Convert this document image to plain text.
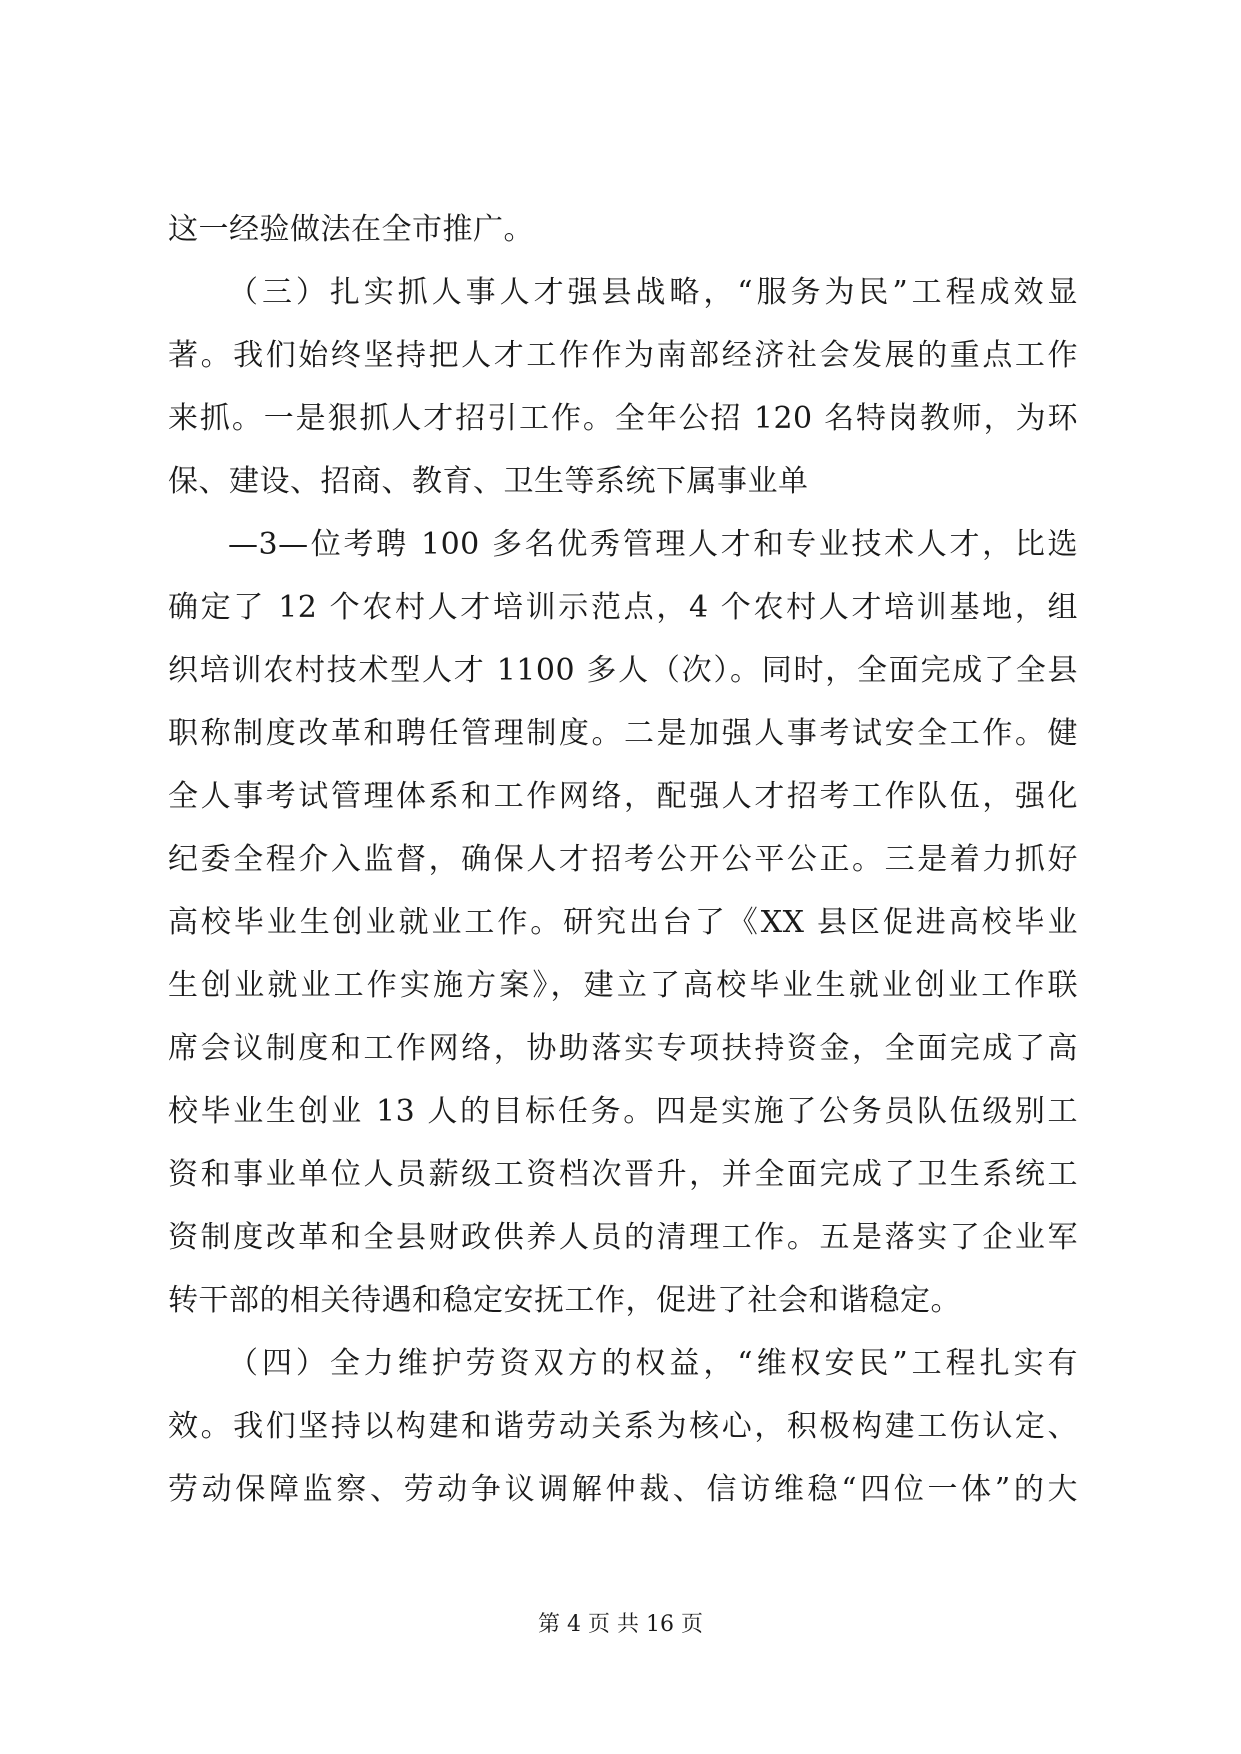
这一经验做法在全市推广。
（三）扎实抓人事人才强县战略，“服务为民”工程成效显
著。我们始终坚持把人才工作作为南部经济社会发展的重点工作
来抓。一是狠抓人才招引工作。全年公招 120 名特岗教师，为环
保、建设、招商、教育、卫生等系统下属事业单
—3—位考聘 100 多名优秀管理人才和专业技术人才，比选
确定了 12 个农村人才培训示范点，4 个农村人才培训基地，组
织培训农村技术型人才 1100 多人（次）。同时，全面完成了全县
职称制度改革和聘任管理制度。二是加强人事考试安全工作。健
全人事考试管理体系和工作网络，配强人才招考工作队伍，强化
纪委全程介入监督，确保人才招考公开公平公正。三是着力抓好
高校毕业生创业就业工作。研究出台了《XX 县区促进高校毕业
生创业就业工作实施方案》，建立了高校毕业生就业创业工作联
席会议制度和工作网络，协助落实专项扶持资金，全面完成了高
校毕业生创业 13 人的目标任务。四是实施了公务员队伍级别工
资和事业单位人员薪级工资档次晋升，并全面完成了卫生系统工
资制度改革和全县财政供养人员的清理工作。五是落实了企业军
转干部的相关待遇和稳定安抚工作，促进了社会和谐稳定。
（四）全力维护劳资双方的权益，“维权安民”工程扎实有
效。我们坚持以构建和谐劳动关系为核心，积极构建工伤认定、
劳动保障监察、劳动争议调解仲裁、信访维稳“四位一体”的大
第 4 页 共 16 页
